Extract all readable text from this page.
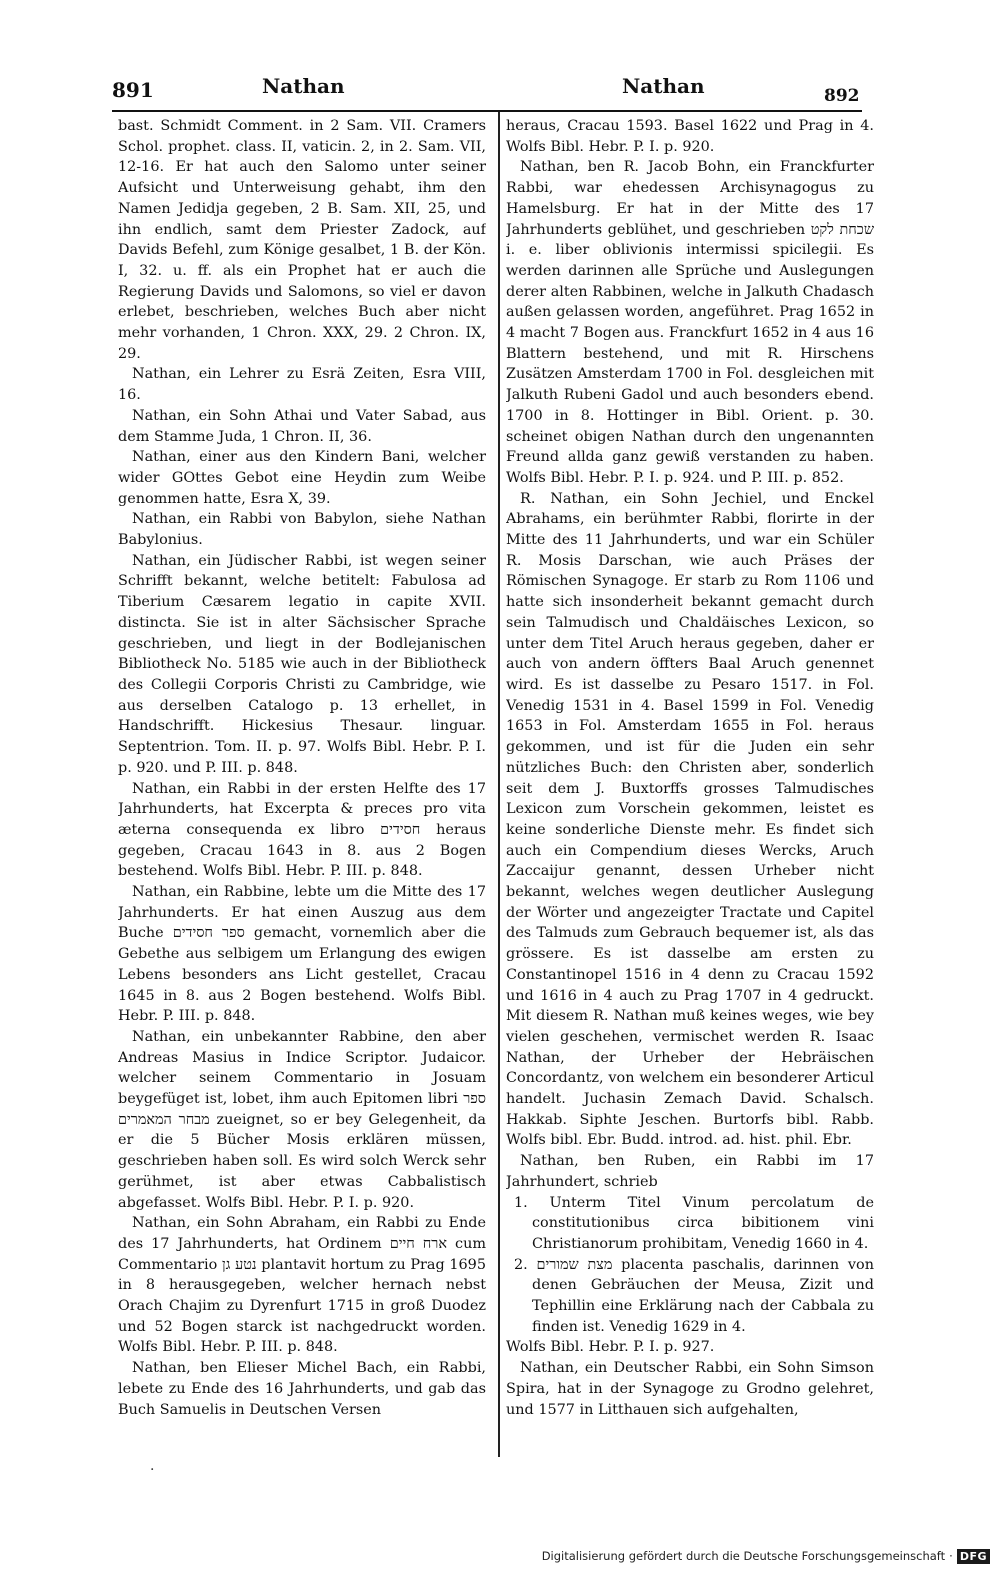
891	Nathan	Nathan	892

bast. Schmidt Comment. in 2 Sam. VII. Cramers Schol. prophet. class. II, vaticin. 2, in 2. Sam. VII, 12-16. Er hat auch den Salomo unter seiner Aufsicht und Unterweisung gehabt, ihm den Namen Jedidja gegeben, 2 B. Sam. XII, 25, und ihn endlich, samt dem Priester Zadock, auf Davids Befehl, zum Könige gesalbet, 1 B. der Kön. I, 32. u. ff. als ein Prophet hat er auch die Regierung Davids und Salomons, so viel er davon erlebet, beschrieben, welches Buch aber nicht mehr vorhanden, 1 Chron. XXX, 29. 2 Chron. IX, 29.

Nathan, ein Lehrer zu Esrä Zeiten, Esra VIII, 16.

Nathan, ein Sohn Athai und Vater Sabad, aus dem Stamme Juda, 1 Chron. II, 36.

Nathan, einer aus den Kindern Bani, welcher wider GOttes Gebot eine Heydin zum Weibe genommen hatte, Esra X, 39.

Nathan, ein Rabbi von Babylon, siehe Nathan Babylonius.

Nathan, ein Jüdischer Rabbi, ist wegen seiner Schrifft bekannt, welche betitelt: Fabulosa ad Tiberium Cæsarem legatio in capite XVII. distincta. Sie ist in alter Sächsischer Sprache geschrieben, und liegt in der Bodlejanischen Bibliotheck No. 5185 wie auch in der Bibliotheck des Collegii Corporis Christi zu Cambridge, wie aus derselben Catalogo p. 13 erhellet, in Handschrifft. Hickesius Thesaur. linguar. Septentrion. Tom. II. p. 97. Wolfs Bibl. Hebr. P. I. p. 920. und P. III. p. 848.

Nathan, ein Rabbi in der ersten Helfte des 17 Jahrhunderts, hat Excerpta & preces pro vita æterna consequenda ex libro חסידים heraus gegeben, Cracau 1643 in 8. aus 2 Bogen bestehend. Wolfs Bibl. Hebr. P. III. p. 848.

Nathan, ein Rabbine, lebte um die Mitte des 17 Jahrhunderts. Er hat einen Auszug aus dem Buche ספר חסידים gemacht, vornemlich aber die Gebethe aus selbigem um Erlangung des ewigen Lebens besonders ans Licht gestellet, Cracau 1645 in 8. aus 2 Bogen bestehend. Wolfs Bibl. Hebr. P. III. p. 848.

Nathan, ein unbekannter Rabbine, den aber Andreas Masius in Indice Scriptor. Judaicor. welcher seinem Commentario in Josuam beygefüget ist, lobet, ihm auch Epitomen libri ספר מבחר המאמרים zueignet, so er bey Gelegenheit, da er die 5 Bücher Mosis erklären müssen, geschrieben haben soll. Es wird solch Werck sehr gerühmet, ist aber etwas Cabbalistisch abgefasset. Wolfs Bibl. Hebr. P. I. p. 920.

Nathan, ein Sohn Abraham, ein Rabbi zu Ende des 17 Jahrhunderts, hat Ordinem ארח חיים cum Commentario נטע גן plantavit hortum zu Prag 1695 in 8 herausgegeben, welcher hernach nebst Orach Chajim zu Dyrenfurt 1715 in groß Duodez und 52 Bogen starck ist nachgedruckt worden. Wolfs Bibl. Hebr. P. III. p. 848.

Nathan, ben Elieser Michel Bach, ein Rabbi, lebete zu Ende des 16 Jahrhunderts, und gab das Buch Samuelis in Deutschen Versen

heraus, Cracau 1593. Basel 1622 und Prag in 4. Wolfs Bibl. Hebr. P. I. p. 920.

Nathan, ben R. Jacob Bohn, ein Franckfurter Rabbi, war ehedessen Archisynagogus zu Hamelsburg. Er hat in der Mitte des 17 Jahrhunderts geblühet, und geschrieben שכחת לקט i. e. liber oblivionis intermissi spicilegii. Es werden darinnen alle Sprüche und Auslegungen derer alten Rabbinen, welche in Jalkuth Chadasch außen gelassen worden, angeführet. Prag 1652 in 4 macht 7 Bogen aus. Franckfurt 1652 in 4 aus 16 Blattern bestehend, und mit R. Hirschens Zusätzen Amsterdam 1700 in Fol. desgleichen mit Jalkuth Rubeni Gadol und auch besonders ebend. 1700 in 8. Hottinger in Bibl. Orient. p. 30. scheinet obigen Nathan durch den ungenannten Freund allda ganz gewiß verstanden zu haben. Wolfs Bibl. Hebr. P. I. p. 924. und P. III. p. 852.

R. Nathan, ein Sohn Jechiel, und Enckel Abrahams, ein berühmter Rabbi, florirte in der Mitte des 11 Jahrhunderts, und war ein Schüler R. Mosis Darschan, wie auch Präses der Römischen Synagoge. Er starb zu Rom 1106 und hatte sich insonderheit bekannt gemacht durch sein Talmudisch und Chaldäisches Lexicon, so unter dem Titel Aruch heraus gegeben, daher er auch von andern öffters Baal Aruch genennet wird. Es ist dasselbe zu Pesaro 1517. in Fol. Venedig 1531 in 4. Basel 1599 in Fol. Venedig 1653 in Fol. Amsterdam 1655 in Fol. heraus gekommen, und ist für die Juden ein sehr nützliches Buch: den Christen aber, sonderlich seit dem J. Buxtorffs grosses Talmudisches Lexicon zum Vorschein gekommen, leistet es keine sonderliche Dienste mehr. Es findet sich auch ein Compendium dieses Wercks, Aruch Zaccaijur genannt, dessen Urheber nicht bekannt, welches wegen deutlicher Auslegung der Wörter und angezeigter Tractate und Capitel des Talmuds zum Gebrauch bequemer ist, als das grössere. Es ist dasselbe am ersten zu Constantinopel 1516 in 4 denn zu Cracau 1592 und 1616 in 4 auch zu Prag 1707 in 4 gedruckt. Mit diesem R. Nathan muß keines weges, wie bey vielen geschehen, vermischet werden R. Isaac Nathan, der Urheber der Hebräischen Concordantz, von welchem ein besonderer Articul handelt. Juchasin Zemach David. Schalsch. Hakkab. Siphte Jeschen. Burtorfs bibl. Rabb. Wolfs bibl. Ebr. Budd. introd. ad. hist. phil. Ebr.

Nathan, ben Ruben, ein Rabbi im 17 Jahrhundert, schrieb

1. Unterm Titel Vinum percolatum de constitutionibus circa bibitionem vini Christianorum prohibitam, Venedig 1660 in 4.

2. מצת שמורים placenta paschalis, darinnen von denen Gebräuchen der Meusa, Zizit und Tephillin eine Erklärung nach der Cabbala zu finden ist. Venedig 1629 in 4.

Wolfs Bibl. Hebr. P. I. p. 927.

Nathan, ein Deutscher Rabbi, ein Sohn Simson Spira, hat in der Synagoge zu Grodno gelehret, und 1577 in Litthauen sich aufgehalten,

·
Digitalisierung gefördert durch die Deutsche Forschungsgemeinschaft · DFG
